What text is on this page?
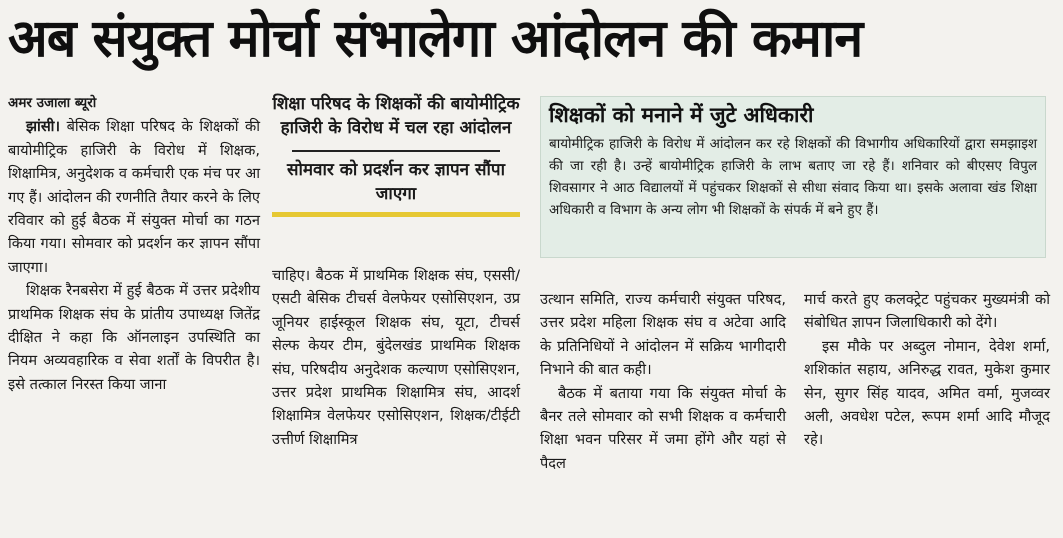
अब संयुक्त मोर्चा संभालेगा आंदोलन की कमान

अमर उजाला ब्यूरो

झांसी। बेसिक शिक्षा परिषद के शिक्षकों की बायोमीट्रिक हाजिरी के विरोध में शिक्षक, शिक्षामित्र, अनुदेशक व कर्मचारी एक मंच पर आ गए हैं। आंदोलन की रणनीति तैयार करने के लिए रविवार को हुई बैठक में संयुक्त मोर्चा का गठन किया गया। सोमवार को प्रदर्शन कर ज्ञापन सौंपा जाएगा।

शिक्षक रैनबसेरा में हुई बैठक में उत्तर प्रदेशीय प्राथमिक शिक्षक संघ के प्रांतीय उपाध्यक्ष जितेंद्र दीक्षित ने कहा कि ऑनलाइन उपस्थिति का नियम अव्यवहारिक व सेवा शर्तों के विपरीत है। इसे तत्काल निरस्त किया जाना

शिक्षा परिषद के शिक्षकों की बायोमीट्रिक हाजिरी के विरोध में चल रहा आंदोलन
सोमवार को प्रदर्शन कर ज्ञापन सौंपा जाएगा
चाहिए। बैठक में प्राथमिक शिक्षक संघ, एससी/एसटी बेसिक टीचर्स वेलफेयर एसोसिएशन, उप्र जूनियर हाईस्कूल शिक्षक संघ, यूटा, टीचर्स सेल्फ केयर टीम, बुंदेलखंड प्राथमिक शिक्षक संघ, परिषदीय अनुदेशक कल्याण एसोसिएशन, उत्तर प्रदेश प्राथमिक शिक्षामित्र संघ, आदर्श शिक्षामित्र वेलफेयर एसोसिएशन, शिक्षक/टीईटी उत्तीर्ण शिक्षामित्र
शिक्षकों को मनाने में जुटे अधिकारी
बायोमीट्रिक हाजिरी के विरोध में आंदोलन कर रहे शिक्षकों की विभागीय अधिकारियों द्वारा समझाइश की जा रही है। उन्हें बायोमीट्रिक हाजिरी के लाभ बताए जा रहे हैं। शनिवार को बीएसए विपुल शिवसागर ने आठ विद्यालयों में पहुंचकर शिक्षकों से सीधा संवाद किया था। इसके अलावा खंड शिक्षा अधिकारी व विभाग के अन्य लोग भी शिक्षकों के संपर्क में बने हुए हैं।

उत्थान समिति, राज्य कर्मचारी संयुक्त परिषद, उत्तर प्रदेश महिला शिक्षक संघ व अटेवा आदि के प्रतिनिधियों ने आंदोलन में सक्रिय भागीदारी निभाने की बात कही।

बैठक में बताया गया कि संयुक्त मोर्चा के बैनर तले सोमवार को सभी शिक्षक व कर्मचारी शिक्षा भवन परिसर में जमा होंगे और यहां से पैदल

मार्च करते हुए कलक्ट्रेट पहुंचकर मुख्यमंत्री को संबोधित ज्ञापन जिलाधिकारी को देंगे।

इस मौके पर अब्दुल नोमान, देवेश शर्मा, शशिकांत सहाय, अनिरुद्ध रावत, मुकेश कुमार सेन, सुगर सिंह यादव, अमित वर्मा, मुजव्वर अली, अवधेश पटेल, रूपम शर्मा आदि मौजूद रहे।
